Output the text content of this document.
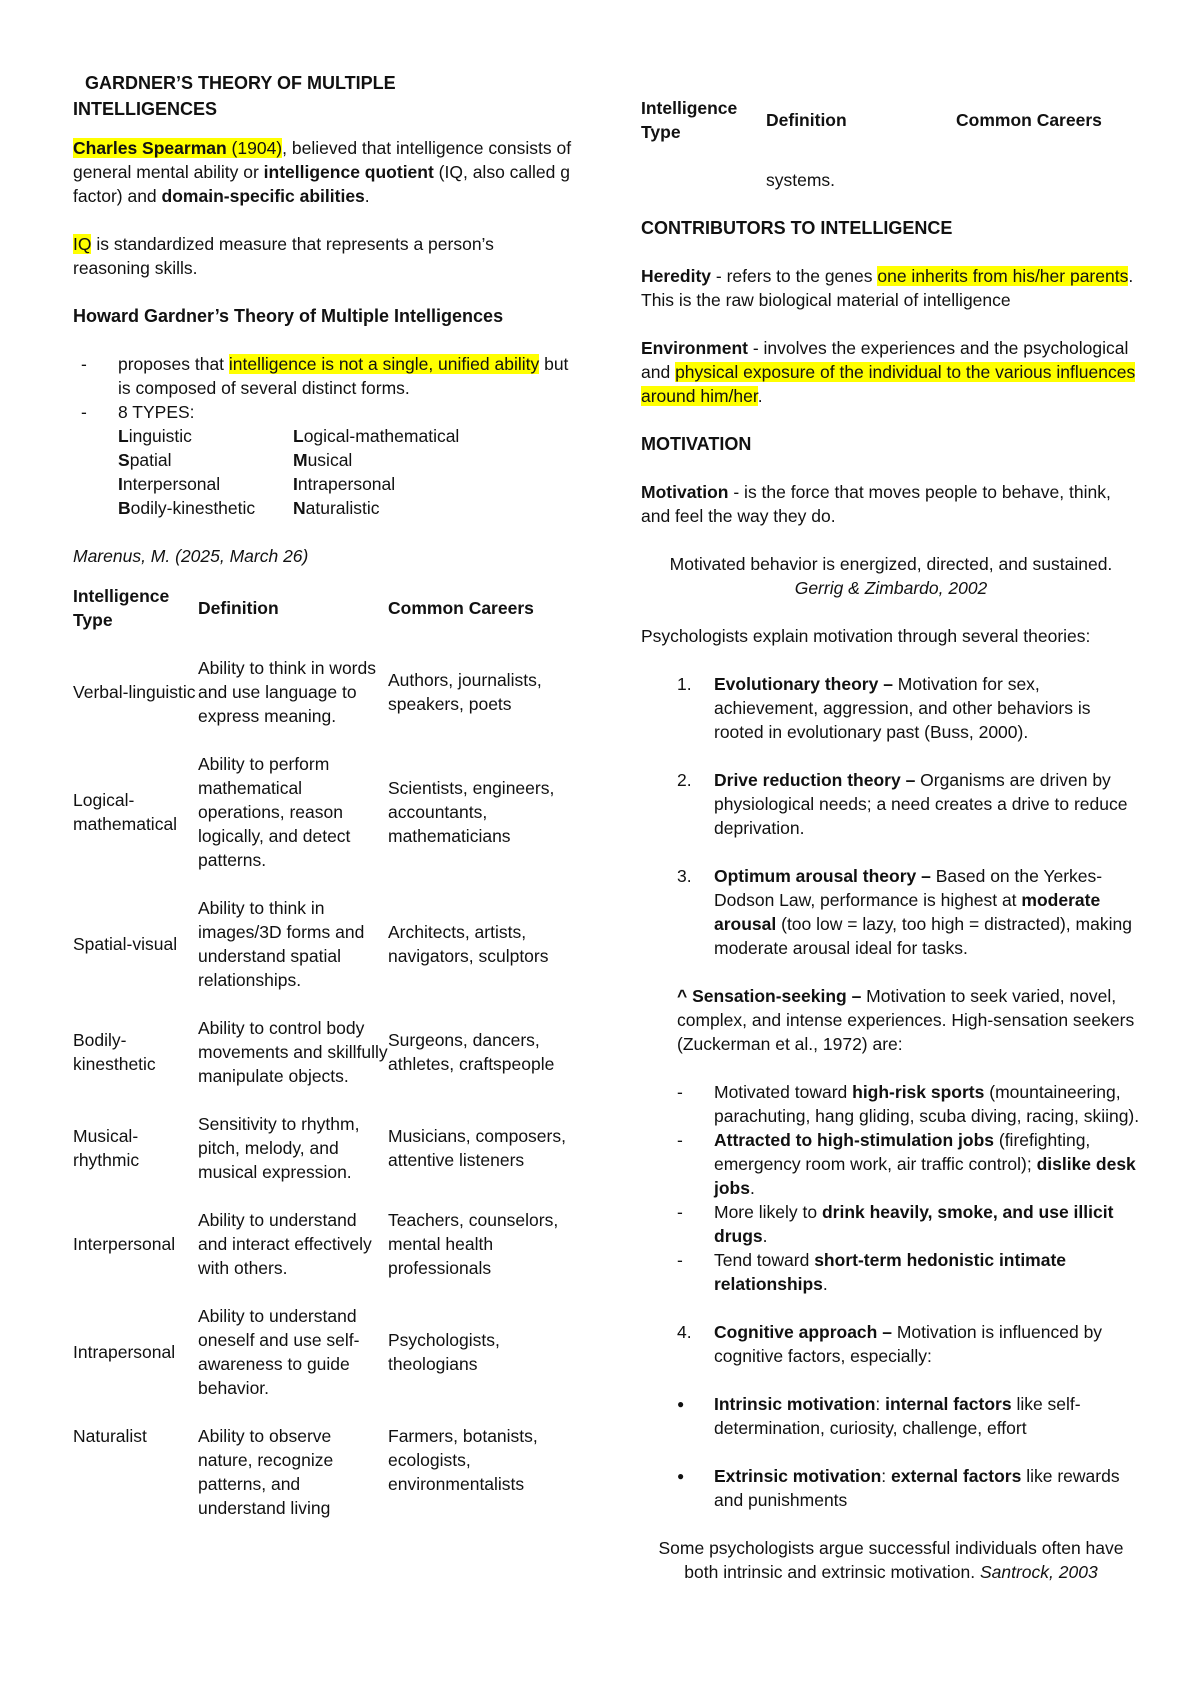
GARDNER’S THEORY OF MULTIPLE
INTELLIGENCES

Charles Spearman (1904), believed that intelligence consists of general mental ability or intelligence quotient (IQ, also called g factor) and domain-specific abilities.

IQ is standardized measure that represents a person’s reasoning skills.

Howard Gardner’s Theory of Multiple Intelligences

- proposes that intelligence is not a single, unified ability but is composed of several distinct forms.
- 8 TYPES:
Linguistic	Logical-mathematical
Spatial	Musical
Interpersonal	Intrapersonal
Bodily-kinesthetic	Naturalistic

Marenus, M. (2025, March 26)

Intelligence Type	Definition	Common Careers

Verbal-linguistic	Ability to think in words and use language to express meaning.	Authors, journalists, speakers, poets

Logical-mathematical	Ability to perform mathematical operations, reason logically, and detect patterns.	Scientists, engineers, accountants, mathematicians

Spatial-visual	Ability to think in images/3D forms and understand spatial relationships.	Architects, artists, navigators, sculptors

Bodily-kinesthetic	Ability to control body movements and skillfully manipulate objects.	Surgeons, dancers, athletes, craftspeople

Musical-rhythmic	Sensitivity to rhythm, pitch, melody, and musical expression.	Musicians, composers, attentive listeners

Interpersonal	Ability to understand and interact effectively with others.	Teachers, counselors, mental health professionals

Intrapersonal	Ability to understand oneself and use self-awareness to guide behavior.	Psychologists, theologians

Naturalist	Ability to observe nature, recognize patterns, and understand living	Farmers, botanists, ecologists, environmentalists
Intelligence Type	Definition	Common Careers

	systems.	

CONTRIBUTORS TO INTELLIGENCE

Heredity - refers to the genes one inherits from his/her parents. This is the raw biological material of intelligence

Environment - involves the experiences and the psychological and physical exposure of the individual to the various influences around him/her.

MOTIVATION

Motivation - is the force that moves people to behave, think, and feel the way they do.

Motivated behavior is energized, directed, and sustained.

Gerrig & Zimbardo, 2002

Psychologists explain motivation through several theories:

1. Evolutionary theory – Motivation for sex, achievement, aggression, and other behaviors is rooted in evolutionary past (Buss, 2000).
2. Drive reduction theory – Organisms are driven by physiological needs; a need creates a drive to reduce deprivation.
3. Optimum arousal theory – Based on the Yerkes-Dodson Law, performance is highest at moderate arousal (too low = lazy, too high = distracted), making moderate arousal ideal for tasks.

^ Sensation-seeking – Motivation to seek varied, novel, complex, and intense experiences. High-sensation seekers (Zuckerman et al., 1972) are:

- Motivated toward high-risk sports (mountaineering, parachuting, hang gliding, scuba diving, racing, skiing).
- Attracted to high-stimulation jobs (firefighting, emergency room work, air traffic control); dislike desk jobs.
- More likely to drink heavily, smoke, and use illicit drugs.
- Tend toward short-term hedonistic intimate relationships.
4. Cognitive approach – Motivation is influenced by cognitive factors, especially:
● Intrinsic motivation: internal factors like self-determination, curiosity, challenge, effort
● Extrinsic motivation: external factors like rewards and punishments

Some psychologists argue successful individuals often have both intrinsic and extrinsic motivation. Santrock, 2003
